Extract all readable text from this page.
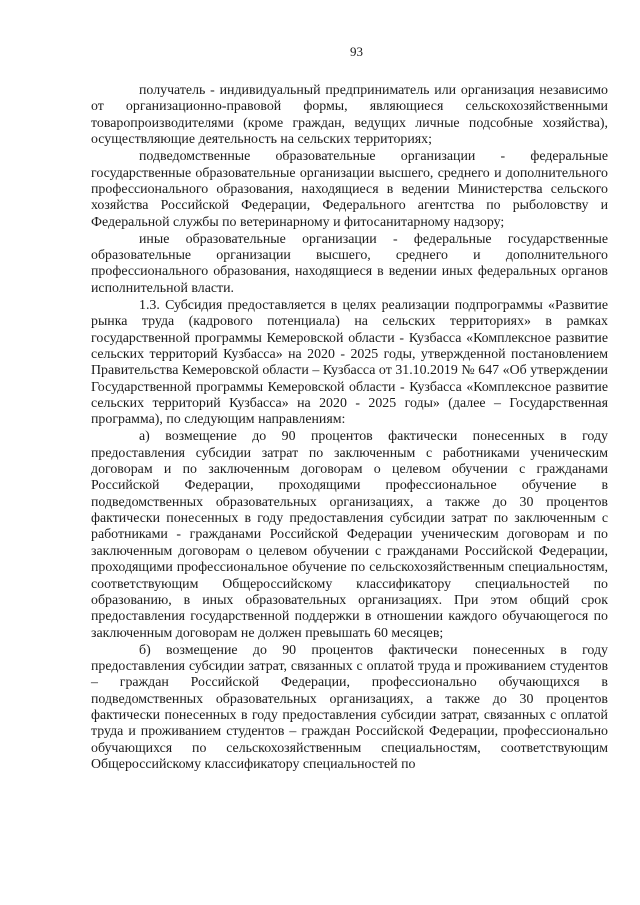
93

получатель - индивидуальный предприниматель или организация независимо от организационно-правовой формы, являющиеся сельскохозяйственными товаропроизводителями (кроме граждан, ведущих личные подсобные хозяйства), осуществляющие деятельность на сельских территориях;

подведомственные образовательные организации - федеральные государственные образовательные организации высшего, среднего и дополнительного профессионального образования, находящиеся в ведении Министерства сельского хозяйства Российской Федерации, Федерального агентства по рыболовству и Федеральной службы по ветеринарному и фитосанитарному надзору;

иные образовательные организации - федеральные государственные образовательные организации высшего, среднего и дополнительного профессионального образования, находящиеся в ведении иных федеральных органов исполнительной власти.

1.3. Субсидия предоставляется в целях реализации подпрограммы «Развитие рынка труда (кадрового потенциала) на сельских территориях» в рамках государственной программы Кемеровской области - Кузбасса «Комплексное развитие сельских территорий Кузбасса» на 2020 - 2025 годы, утвержденной постановлением Правительства Кемеровской области – Кузбасса от 31.10.2019 № 647 «Об утверждении Государственной программы Кемеровской области - Кузбасса «Комплексное развитие сельских территорий Кузбасса» на 2020 - 2025 годы» (далее – Государственная программа), по следующим направлениям:

а) возмещение до 90 процентов фактически понесенных в году предоставления субсидии затрат по заключенным с работниками ученическим договорам и по заключенным договорам о целевом обучении с гражданами Российской Федерации, проходящими профессиональное обучение в подведомственных образовательных организациях, а также до 30 процентов фактически понесенных в году предоставления субсидии затрат по заключенным с работниками - гражданами Российской Федерации ученическим договорам и по заключенным договорам о целевом обучении с гражданами Российской Федерации, проходящими профессиональное обучение по сельскохозяйственным специальностям, соответствующим Общероссийскому классификатору специальностей по образованию, в иных образовательных организациях. При этом общий срок предоставления государственной поддержки в отношении каждого обучающегося по заключенным договорам не должен превышать 60 месяцев;

б) возмещение до 90 процентов фактически понесенных в году предоставления субсидии затрат, связанных с оплатой труда и проживанием студентов – граждан Российской Федерации, профессионально обучающихся в подведомственных образовательных организациях, а также до 30 процентов фактически понесенных в году предоставления субсидии затрат, связанных с оплатой труда и проживанием студентов – граждан Российской Федерации, профессионально обучающихся по сельскохозяйственным специальностям, соответствующим Общероссийскому классификатору специальностей по
